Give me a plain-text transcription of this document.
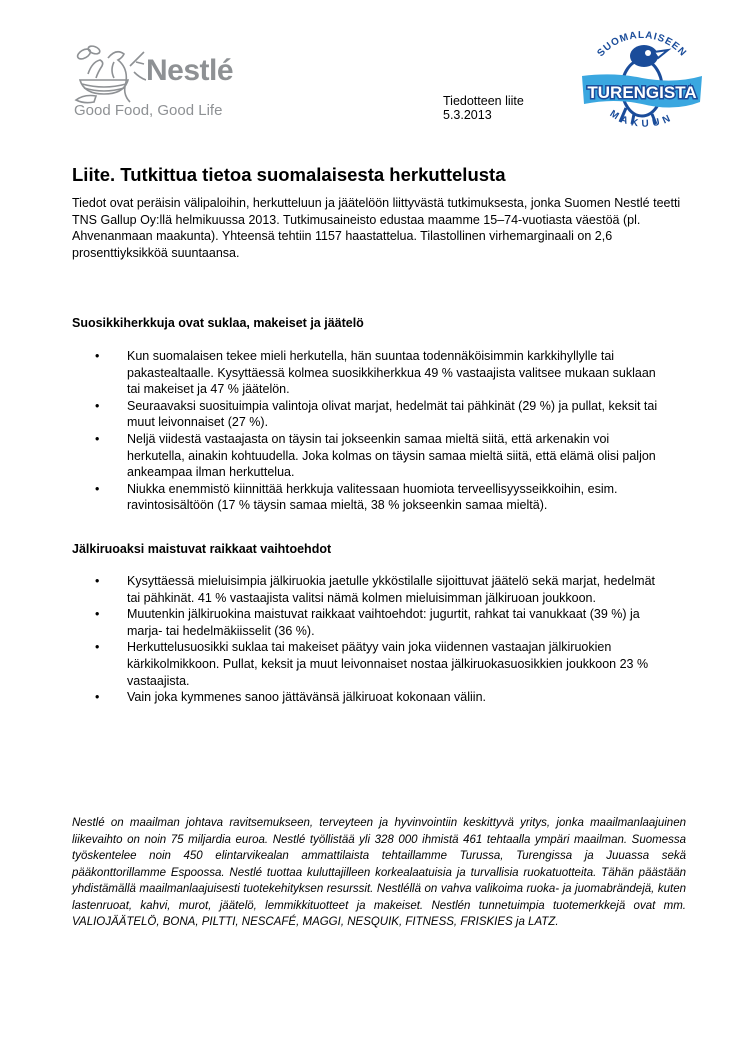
Nestlé
Good Food, Good Life
Tiedotteen liite
5.3.2013
TURENGISTA
SUOMALAISEEN
MAKUUN
Liite. Tutkittua tietoa suomalaisesta herkuttelusta
Tiedot ovat peräisin välipaloihin, herkutteluun ja jäätelöön liittyvästä tutkimuksesta, jonka Suomen Nestlé teetti TNS Gallup Oy:llä helmikuussa 2013. Tutkimusaineisto edustaa maamme 15–74-vuotiasta väestöä (pl. Ahvenanmaan maakunta). Yhteensä tehtiin 1157 haastattelua. Tilastollinen virhemarginaali on 2,6 prosenttiyksikköä suuntaansa.
Suosikkiherkkuja ovat suklaa, makeiset ja jäätelö
• Kun suomalaisen tekee mieli herkutella, hän suuntaa todennäköisimmin karkkihyllylle tai pakastealtaalle. Kysyttäessä kolmea suosikkiherkkua 49 % vastaajista valitsee mukaan suklaan tai makeiset ja 47 % jäätelön.
• Seuraavaksi suosituimpia valintoja olivat marjat, hedelmät tai pähkinät (29 %) ja pullat, keksit tai muut leivonnaiset (27 %).
• Neljä viidestä vastaajasta on täysin tai jokseenkin samaa mieltä siitä, että arkenakin voi herkutella, ainakin kohtuudella. Joka kolmas on täysin samaa mieltä siitä, että elämä olisi paljon ankeampaa ilman herkuttelua.
• Niukka enemmistö kiinnittää herkkuja valitessaan huomiota terveellisyysseikkoihin, esim. ravintosisältöön (17 % täysin samaa mieltä, 38 % jokseenkin samaa mieltä).
Jälkiruoaksi maistuvat raikkaat vaihtoehdot
• Kysyttäessä mieluisimpia jälkiruokia jaetulle ykköstilalle sijoittuvat jäätelö sekä marjat, hedelmät tai pähkinät. 41 % vastaajista valitsi nämä kolmen mieluisimman jälkiruoan joukkoon.
• Muutenkin jälkiruokina maistuvat raikkaat vaihtoehdot: jugurtit, rahkat tai vanukkaat (39 %) ja marja- tai hedelmäkiisselit (36 %).
• Herkuttelusuosikki suklaa tai makeiset päätyy vain joka viidennen vastaajan jälkiruokien kärkikolmikkoon. Pullat, keksit ja muut leivonnaiset nostaa jälkiruokasuosikkien joukkoon 23 % vastaajista.
• Vain joka kymmenes sanoo jättävänsä jälkiruoat kokonaan väliin.
Nestlé on maailman johtava ravitsemukseen, terveyteen ja hyvinvointiin keskittyvä yritys, jonka maailmanlaajuinen liikevaihto on noin 75 miljardia euroa. Nestlé työllistää yli 328 000 ihmistä 461 tehtaalla ympäri maailman. Suomessa työskentelee noin 450 elintarvikealan ammattilaista tehtaillamme Turussa, Turengissa ja Juuassa sekä pääkonttorillamme Espoossa. Nestlé tuottaa kuluttajilleen korkealaatuisia ja turvallisia ruokatuotteita. Tähän päästään yhdistämällä maailmanlaajuisesti tuotekehityksen resurssit. Nestléllä on vahva valikoima ruoka- ja juomabrändejä, kuten lastenruoat, kahvi, murot, jäätelö, lemmikkituotteet ja makeiset. Nestlén tunnetuimpia tuotemerkkejä ovat mm. VALIOJÄÄTELÖ, BONA, PILTTI, NESCAFÉ, MAGGI, NESQUIK, FITNESS, FRISKIES ja LATZ.
